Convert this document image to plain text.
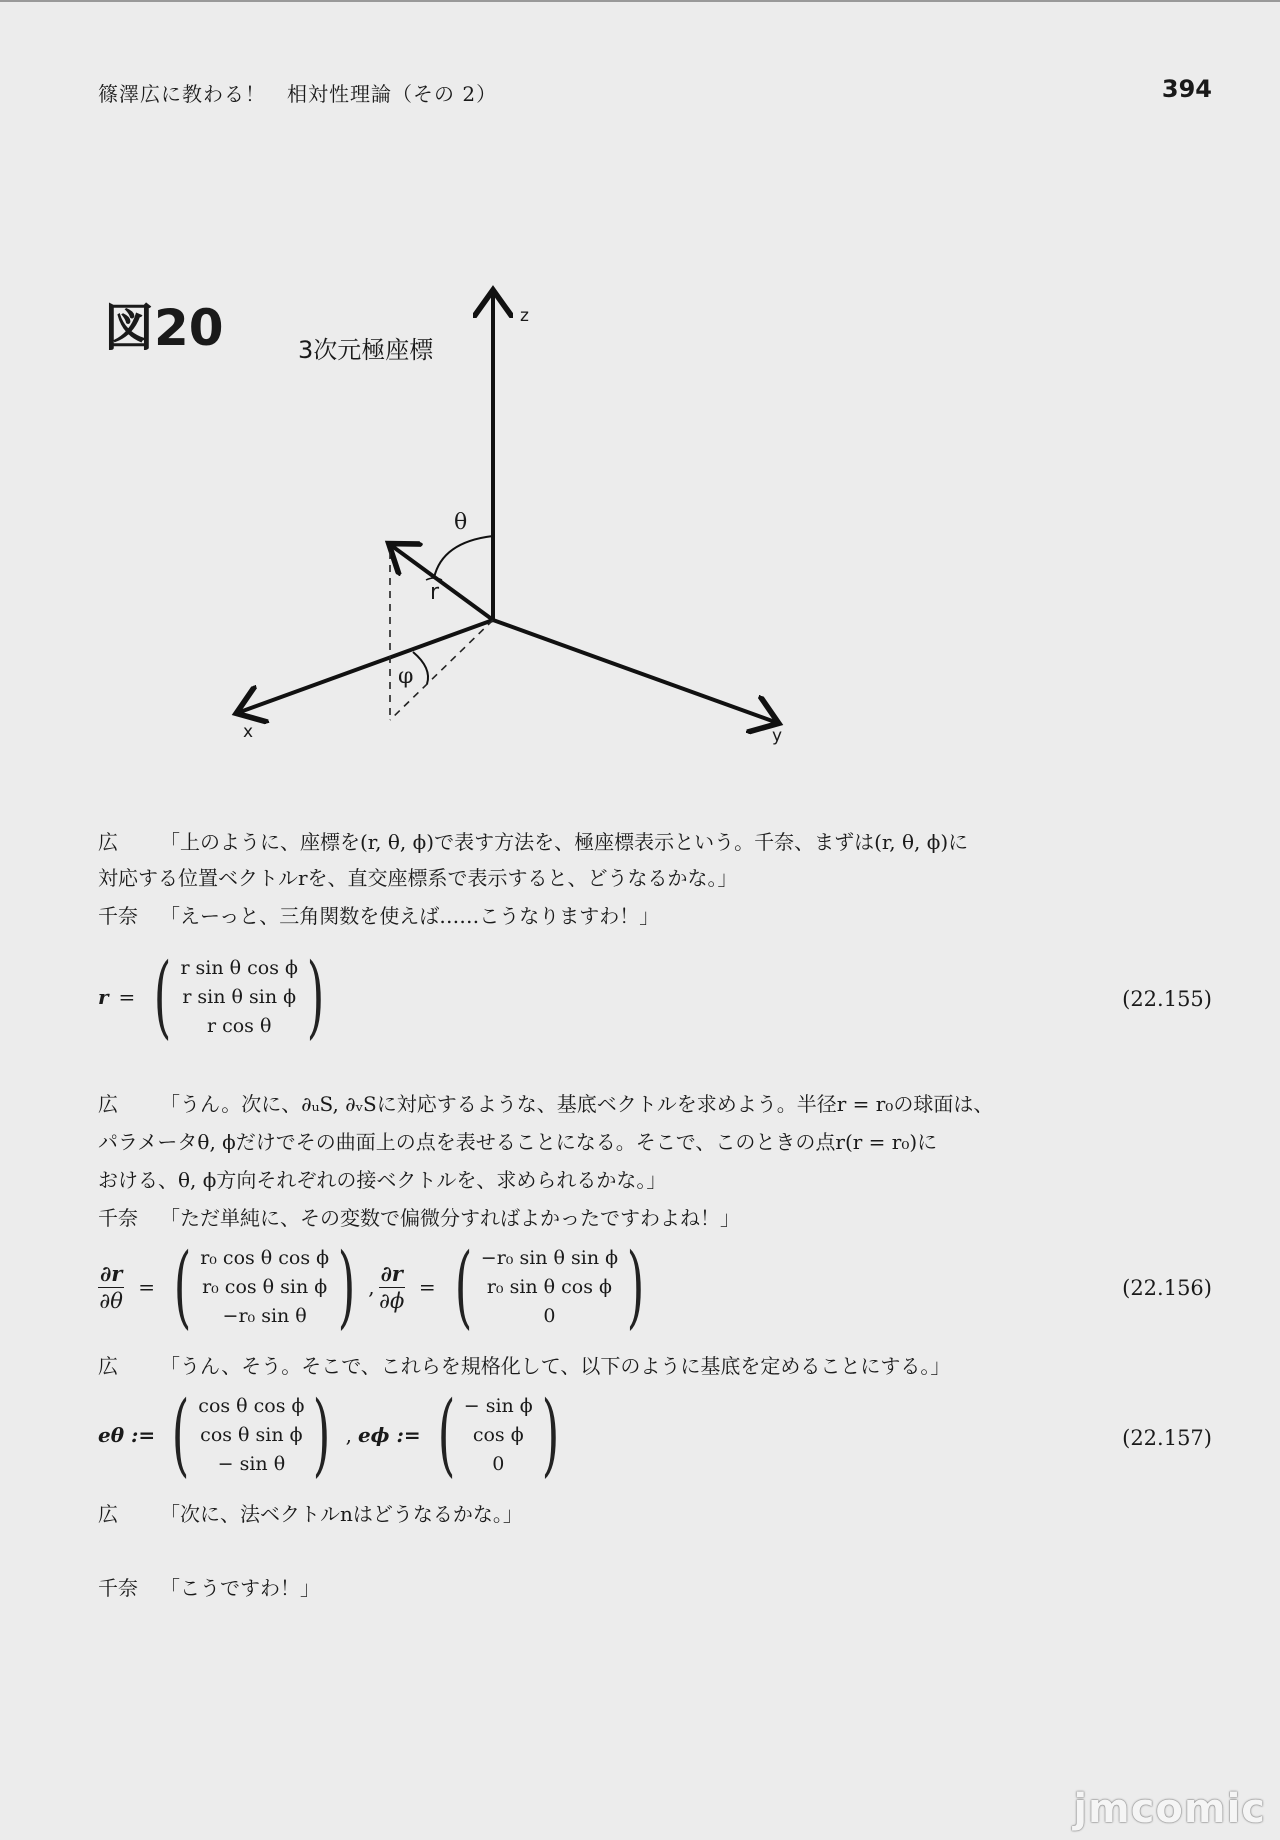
篠澤広に教わる！　相対性理論（その 2）	394
図20	3次元極座標
z
x	y
θ
φ
r
広 「上のように、座標を(r, θ, ϕ)で表す方法を、極座標表示という。千奈、まずは(r, θ, ϕ)に
対応する位置ベクトルrを、直交座標系で表示すると、どうなるかな。」
千奈 「えーっと、三角関数を使えば……こうなりますわ！」
r = ( r sin θ cos ϕ
r sin θ sin ϕ
r cos θ )	(22.155)
広 「うん。次に、∂ᵤS, ∂ᵥSに対応するような、基底ベクトルを求めよう。半径r = r₀の球面は、
パラメータθ, ϕだけでその曲面上の点を表せることになる。そこで、このときの点r(r = r₀)に
おける、θ, ϕ方向それぞれの接ベクトルを、求められるかな。」
千奈 「ただ単純に、その変数で偏微分すればよかったですわよね！」
$\frac{\partial r}{\partial\theta}$ = ( r₀ cos θ cos ϕ
r₀ cos θ sin ϕ
−r₀ sin θ ) , $\frac{\partial r}{\partial\phi}$ = ( −r₀ sin θ sin ϕ
r₀ sin θ cos ϕ
0 )	(22.156)
広 「うん、そう。そこで、これらを規格化して、以下のように基底を定めることにする。」
eθ := ( cos θ cos ϕ
cos θ sin ϕ
− sin θ ) , eϕ := ( − sin ϕ
cos ϕ
0 )	(22.157)
広 「次に、法ベクトルnはどうなるかな。」
千奈 「こうですわ！」
jmcomic
